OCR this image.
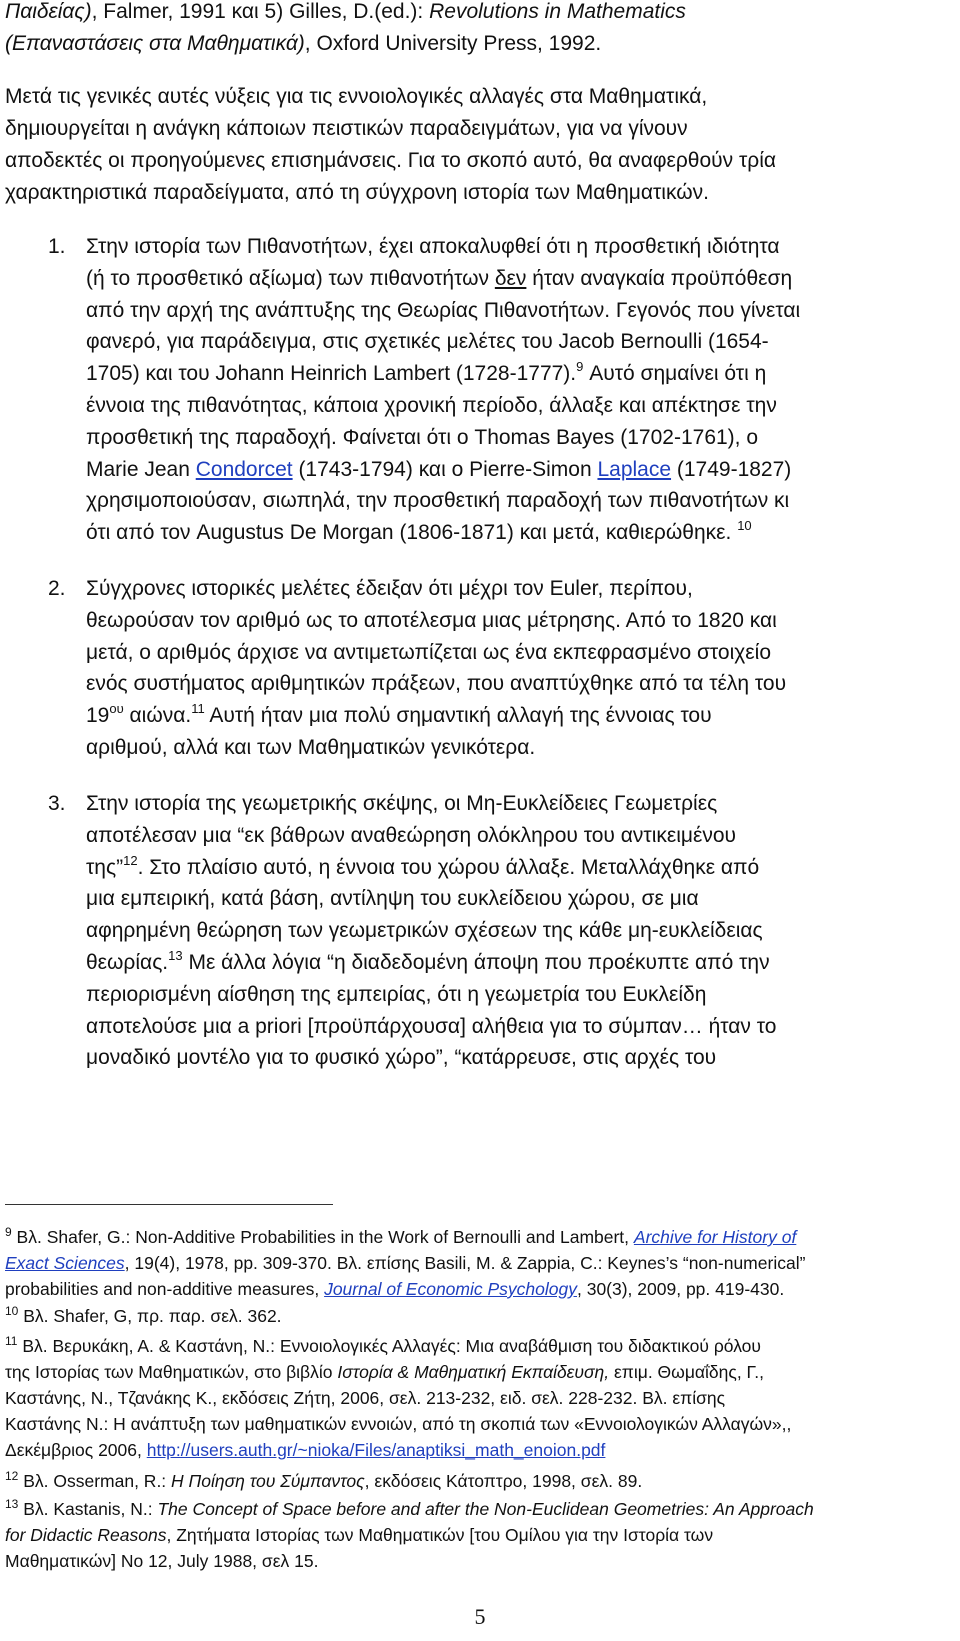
Παιδείας), Falmer, 1991 και 5) Gilles, D.(ed.): Revolutions in Mathematics
(Επαναστάσεις στα Μαθηματικά), Oxford University Press, 1992.
Μετά τις γενικές αυτές νύξεις για τις εννοιολογικές αλλαγές στα Μαθηματικά,
δημιουργείται η ανάγκη κάποιων πειστικών παραδειγμάτων, για να γίνουν
αποδεκτές οι προηγούμενες επισημάνσεις. Για το σκοπό αυτό, θα αναφερθούν τρία
χαρακτηριστικά παραδείγματα, από τη σύγχρονη ιστορία των Μαθηματικών.
1. Στην ιστορία των Πιθανοτήτων, έχει αποκαλυφθεί ότι η προσθετική ιδιότητα
(ή το προσθετικό αξίωμα) των πιθανοτήτων δεν ήταν αναγκαία προϋπόθεση
από την αρχή της ανάπτυξης της Θεωρίας Πιθανοτήτων. Γεγονός που γίνεται
φανερό, για παράδειγμα, στις σχετικές μελέτες του Jacob Bernoulli (1654-
1705) και του Johann Heinrich Lambert (1728-1777).$^9$ Αυτό σημαίνει ότι η
έννοια της πιθανότητας, κάποια χρονική περίοδο, άλλαξε και απέκτησε την
προσθετική της παραδοχή. Φαίνεται ότι ο Thomas Bayes (1702-1761), ο
Marie Jean Condorcet (1743-1794) και ο Pierre-Simon Laplace (1749-1827)
χρησιμοποιούσαν, σιωπηλά, την προσθετική παραδοχή των πιθανοτήτων κι
ότι από τον Augustus De Morgan (1806-1871) και μετά, καθιερώθηκε. $^{10}$
2. Σύγχρονες ιστορικές μελέτες έδειξαν ότι μέχρι τον Euler, περίπου,
θεωρούσαν τον αριθμό ως το αποτέλεσμα μιας μέτρησης. Από το 1820 και
μετά, ο αριθμός άρχισε να αντιμετωπίζεται ως ένα εκπεφρασμένο στοιχείο
ενός συστήματος αριθμητικών πράξεων, που αναπτύχθηκε από τα τέλη του
$19^{o\upsilon}$ αιώνα.$^{11}$ Αυτή ήταν μια πολύ σημαντική αλλαγή της έννοιας του
αριθμού, αλλά και των Μαθηματικών γενικότερα.
3. Στην ιστορία της γεωμετρικής σκέψης, οι Μη-Ευκλείδειες Γεωμετρίες
αποτέλεσαν μια “εκ βάθρων αναθεώρηση ολόκληρου του αντικειμένου
της”$^{12}$. Στο πλαίσιο αυτό, η έννοια του χώρου άλλαξε. Μεταλλάχθηκε από
μια εμπειρική, κατά βάση, αντίληψη του ευκλείδειου χώρου, σε μια
αφηρημένη θεώρηση των γεωμετρικών σχέσεων της κάθε μη-ευκλείδειας
θεωρίας.$^{13}$ Με άλλα λόγια “η διαδεδομένη άποψη που προέκυπτε από την
περιορισμένη αίσθηση της εμπειρίας, ότι η γεωμετρία του Ευκλείδη
αποτελούσε μια a priori [προϋπάρχουσα] αλήθεια για το σύμπαν… ήταν το
μοναδικό μοντέλο για το φυσικό χώρο”, “κατάρρευσε, στις αρχές του
$^9$ Βλ. Shafer, G.: Non-Additive Probabilities in the Work of Bernoulli and Lambert, Archive for History of
Exact Sciences, 19(4), 1978, pp. 309-370. Βλ. επίσης Basili, M. & Zappia, C.: Keynes’s “non-numerical”
probabilities and non-additive measures, Journal of Economic Psychology, 30(3), 2009, pp. 419-430.
$^{10}$ Βλ. Shafer, G, πρ. παρ. σελ. 362.
$^{11}$ Βλ. Βερυκάκη, Α. & Καστάνη, Ν.: Εννοιολογικές Αλλαγές: Μια αναβάθμιση του διδακτικού ρόλου
της Ιστορίας των Μαθηματικών, στο βιβλίο Ιστορία & Μαθηματική Εκπαίδευση, επιμ. Θωμαΐδης, Γ.,
Καστάνης, Ν., Τζανάκης Κ., εκδόσεις Ζήτη, 2006, σελ. 213-232, ειδ. σελ. 228-232. Βλ. επίσης
Καστάνης Ν.: Η ανάπτυξη των μαθηματικών εννοιών, από τη σκοπιά των «Εννοιολογικών Αλλαγών»,,
Δεκέμβριος 2006, http://users.auth.gr/~nioka/Files/anaptiksi_math_enoion.pdf
$^{12}$ Βλ. Osserman, R.: Η Ποίηση του Σύμπαντος, εκδόσεις Κάτοπτρο, 1998, σελ. 89.
$^{13}$ Βλ. Kastanis, N.: The Concept of Space before and after the Non-Euclidean Geometries: An Approach
for Didactic Reasons, Ζητήματα Ιστορίας των Μαθηματικών [του Ομίλου για την Ιστορία των
Μαθηματικών] No 12, July 1988, σελ 15.
5
